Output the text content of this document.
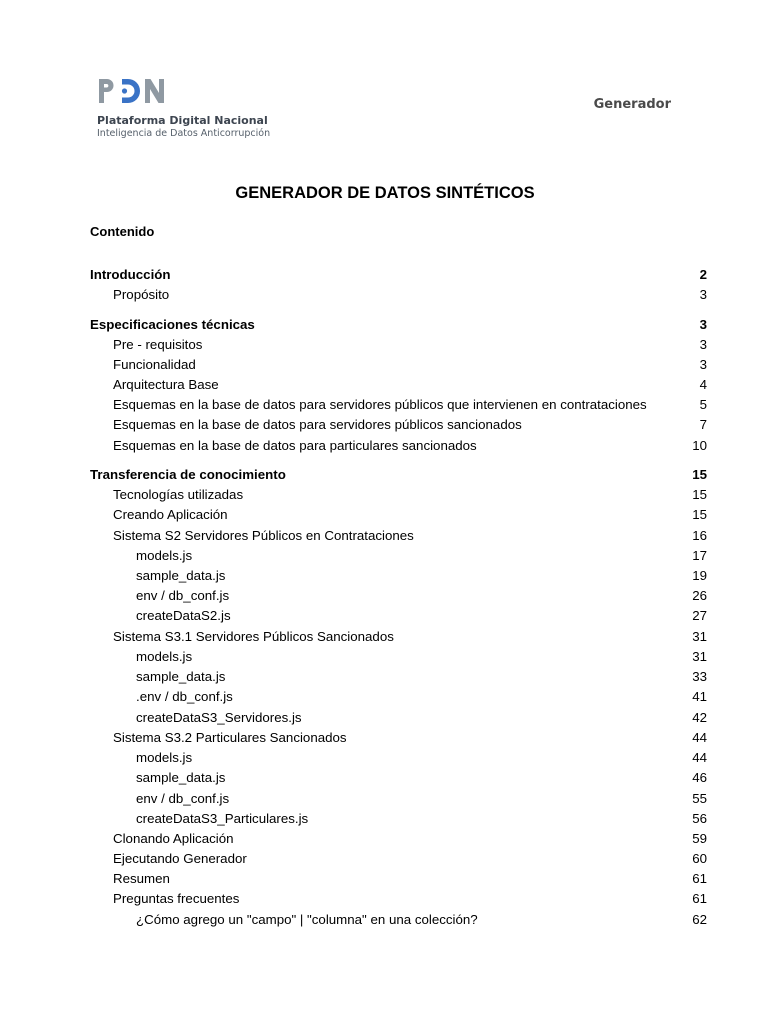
Plataforma Digital Nacional
Inteligencia de Datos Anticorrupción
Generador
GENERADOR DE DATOS SINTÉTICOS
Contenido
Introducción	2
Propósito	3
Especificaciones técnicas	3
Pre - requisitos	3
Funcionalidad	3
Arquitectura Base	4
Esquemas en la base de datos para servidores públicos que intervienen en contrataciones	5
Esquemas en la base de datos para servidores públicos sancionados	7
Esquemas en la base de datos para particulares sancionados	10
Transferencia de conocimiento	15
Tecnologías utilizadas	15
Creando Aplicación	15
Sistema S2 Servidores Públicos en Contrataciones	16
models.js	17
sample_data.js	19
env / db_conf.js	26
createDataS2.js	27
Sistema S3.1 Servidores Públicos Sancionados	31
models.js	31
sample_data.js	33
.env / db_conf.js	41
createDataS3_Servidores.js	42
Sistema S3.2 Particulares Sancionados	44
models.js	44
sample_data.js	46
env / db_conf.js	55
createDataS3_Particulares.js	56
Clonando Aplicación	59
Ejecutando Generador	60
Resumen	61
Preguntas frecuentes	61
¿Cómo agrego un "campo" | "columna" en una colección?	62
